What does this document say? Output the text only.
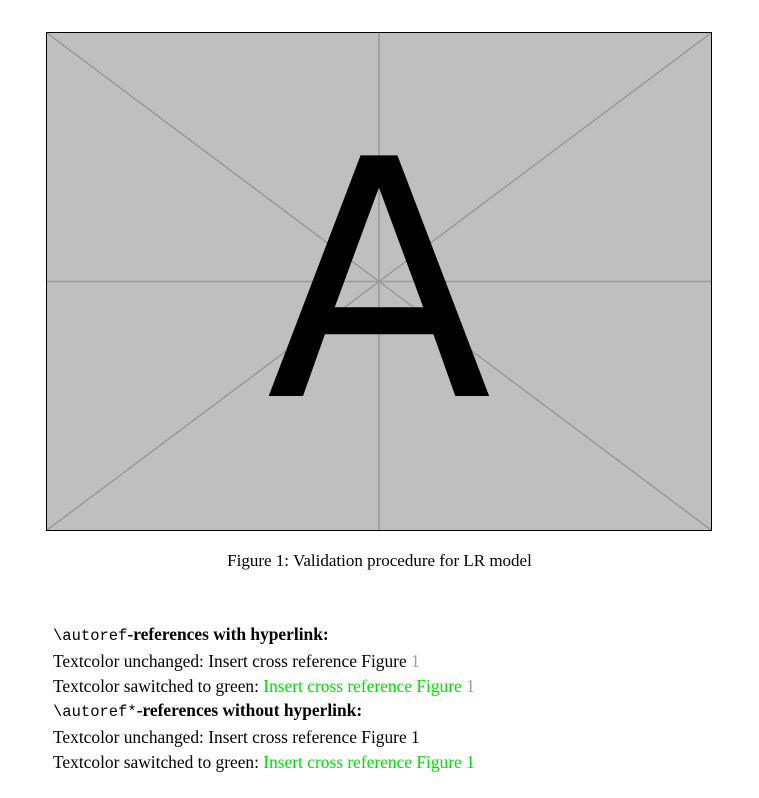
A
Figure 1: Validation procedure for LR model
\autoref-references with hyperlink:
Textcolor unchanged: Insert cross reference Figure 1
Textcolor sawitched to green: Insert cross reference Figure 1
\autoref*-references without hyperlink:
Textcolor unchanged: Insert cross reference Figure 1
Textcolor sawitched to green: Insert cross reference Figure 1
